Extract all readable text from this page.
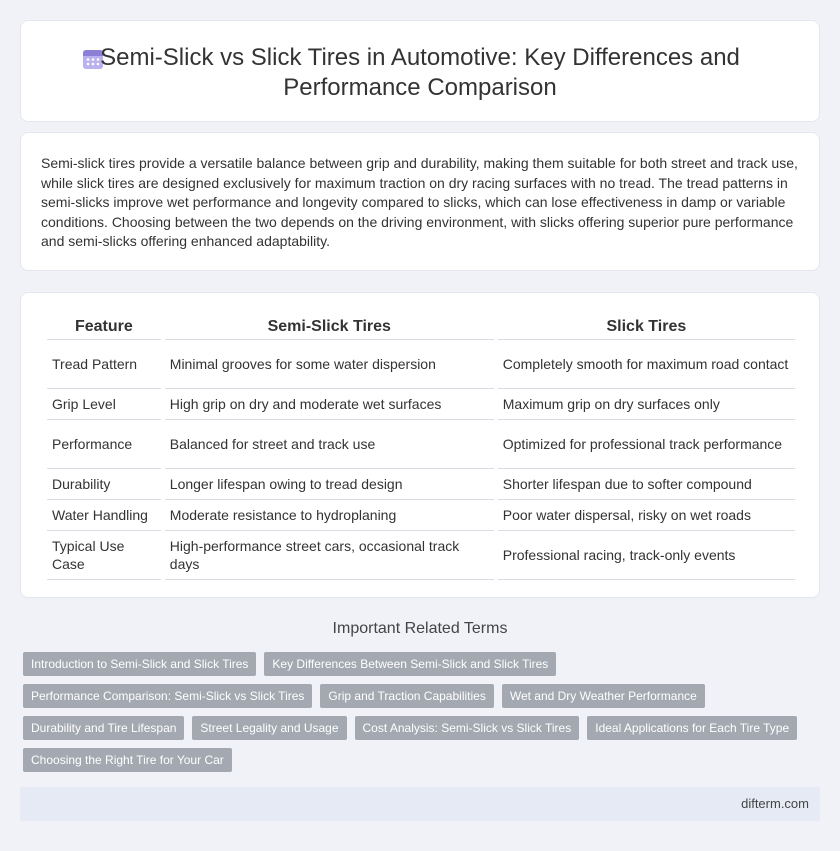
Semi-Slick vs Slick Tires in Automotive: Key Differences and
Performance Comparison

Semi-slick tires provide a versatile balance between grip and durability, making them suitable for both street and track use, while slick tires are designed exclusively for maximum traction on dry racing surfaces with no tread. The tread patterns in semi-slicks improve wet performance and longevity compared to slicks, which can lose effectiveness in damp or variable conditions. Choosing between the two depends on the driving environment, with slicks offering superior pure performance and semi-slicks offering enhanced adaptability.

Feature	Semi-Slick Tires	Slick Tires
Tread Pattern	Minimal grooves for some water dispersion	Completely smooth for maximum road contact
Grip Level	High grip on dry and moderate wet surfaces	Maximum grip on dry surfaces only
Performance	Balanced for street and track use	Optimized for professional track performance
Durability	Longer lifespan owing to tread design	Shorter lifespan due to softer compound
Water Handling	Moderate resistance to hydroplaning	Poor water dispersal, risky on wet roads
Typical Use Case	High-performance street cars, occasional track days	Professional racing, track-only events
Important Related Terms
Introduction to Semi-Slick and Slick Tires	Key Differences Between Semi-Slick and Slick Tires
Performance Comparison: Semi-Slick vs Slick Tires	Grip and Traction Capabilities	Wet and Dry Weather Performance
Durability and Tire Lifespan	Street Legality and Usage	Cost Analysis: Semi-Slick vs Slick Tires	Ideal Applications for Each Tire Type
Choosing the Right Tire for Your Car
difterm.com
